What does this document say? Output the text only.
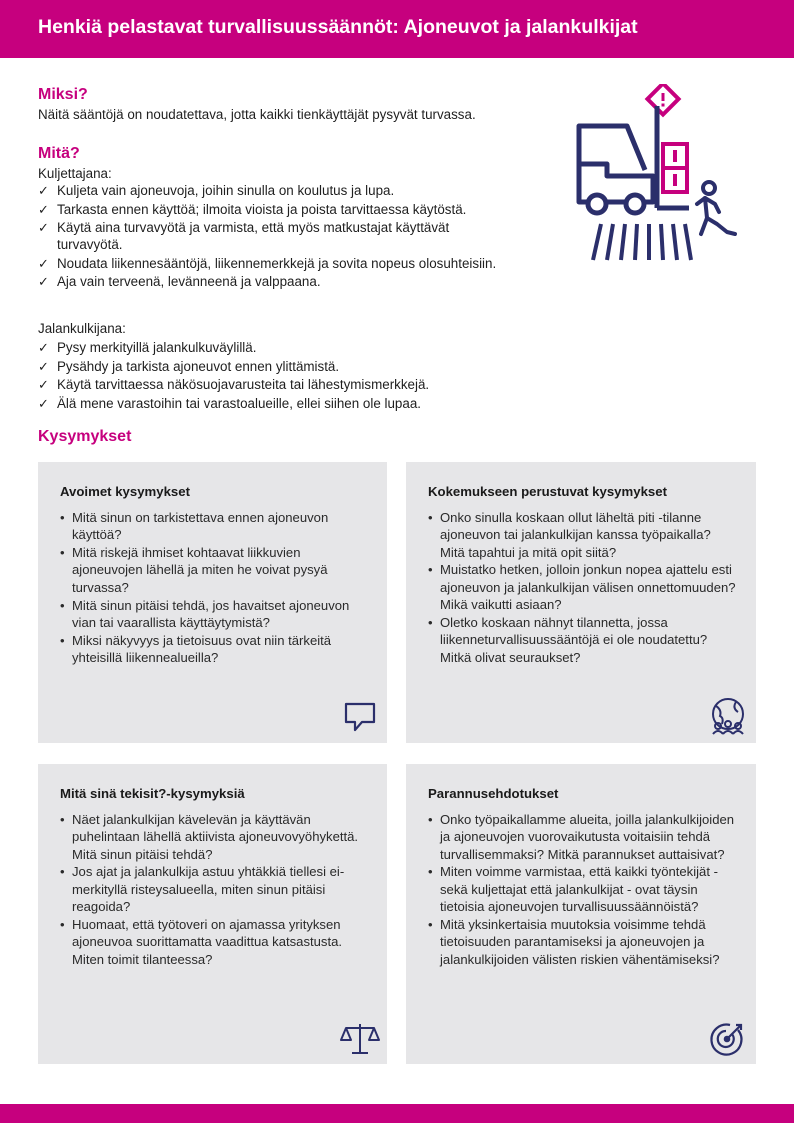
Henkiä pelastavat turvallisuussäännöt: Ajoneuvot ja jalankulkijat
Miksi?
Näitä sääntöjä on noudatettava, jotta kaikki tienkäyttäjät pysyvät turvassa.
Mitä?
Kuljettajana:
✓ Kuljeta vain ajoneuvoja, joihin sinulla on koulutus ja lupa.
✓ Tarkasta ennen käyttöä; ilmoita vioista ja poista tarvittaessa käytöstä.
✓ Käytä aina turvavyötä ja varmista, että myös matkustajat käyttävät turvavyötä.
✓ Noudata liikennesääntöjä, liikennemerkkejä ja sovita nopeus olosuhteisiin.
✓ Aja vain terveenä, levänneenä ja valppaana.
Jalankulkijana:
✓ Pysy merkityillä jalankulkuväylillä.
✓ Pysähdy ja tarkista ajoneuvot ennen ylittämistä.
✓ Käytä tarvittaessa näkösuojavarusteita tai lähestymismerkkejä.
✓ Älä mene varastoihin tai varastoalueille, ellei siihen ole lupaa.
Kysymykset
Avoimet kysymykset
• Mitä sinun on tarkistettava ennen ajoneuvon käyttöä?
• Mitä riskejä ihmiset kohtaavat liikkuvien ajoneuvojen lähellä ja miten he voivat pysyä turvassa?
• Mitä sinun pitäisi tehdä, jos havaitset ajoneuvon vian tai vaarallista käyttäytymistä?
• Miksi näkyvyys ja tietoisuus ovat niin tärkeitä yhteisillä liikennealueilla?
Kokemukseen perustuvat kysymykset
• Onko sinulla koskaan ollut läheltä piti -tilanne ajoneuvon tai jalankulkijan kanssa työpaikalla? Mitä tapahtui ja mitä opit siitä?
• Muistatko hetken, jolloin jonkun nopea ajattelu esti ajoneuvon ja jalankulkijan välisen onnettomuuden? Mikä vaikutti asiaan?
• Oletko koskaan nähnyt tilannetta, jossa liikenneturvallisuussääntöjä ei ole noudatettu? Mitkä olivat seuraukset?
Mitä sinä tekisit?-kysymyksiä
• Näet jalankulkijan kävelevän ja käyttävän puhelintaan lähellä aktiivista ajoneuvovyöhykettä. Mitä sinun pitäisi tehdä?
• Jos ajat ja jalankulkija astuu yhtäkkiä tiellesi ei-merkityllä risteysalueella, miten sinun pitäisi reagoida?
• Huomaat, että työtoveri on ajamassa yrityksen ajoneuvoa suorittamatta vaadittua katsastusta. Miten toimit tilanteessa?
Parannusehdotukset
• Onko työpaikallamme alueita, joilla jalankulkijoiden ja ajoneuvojen vuorovaikutusta voitaisiin tehdä turvallisemmaksi? Mitkä parannukset auttaisivat?
• Miten voimme varmistaa, että kaikki työntekijät - sekä kuljettajat että jalankulkijat - ovat täysin tietoisia ajoneuvojen turvallisuussäännöistä?
• Mitä yksinkertaisia muutoksia voisimme tehdä tietoisuuden parantamiseksi ja ajoneuvojen ja jalankulkijoiden välisten riskien vähentämiseksi?
